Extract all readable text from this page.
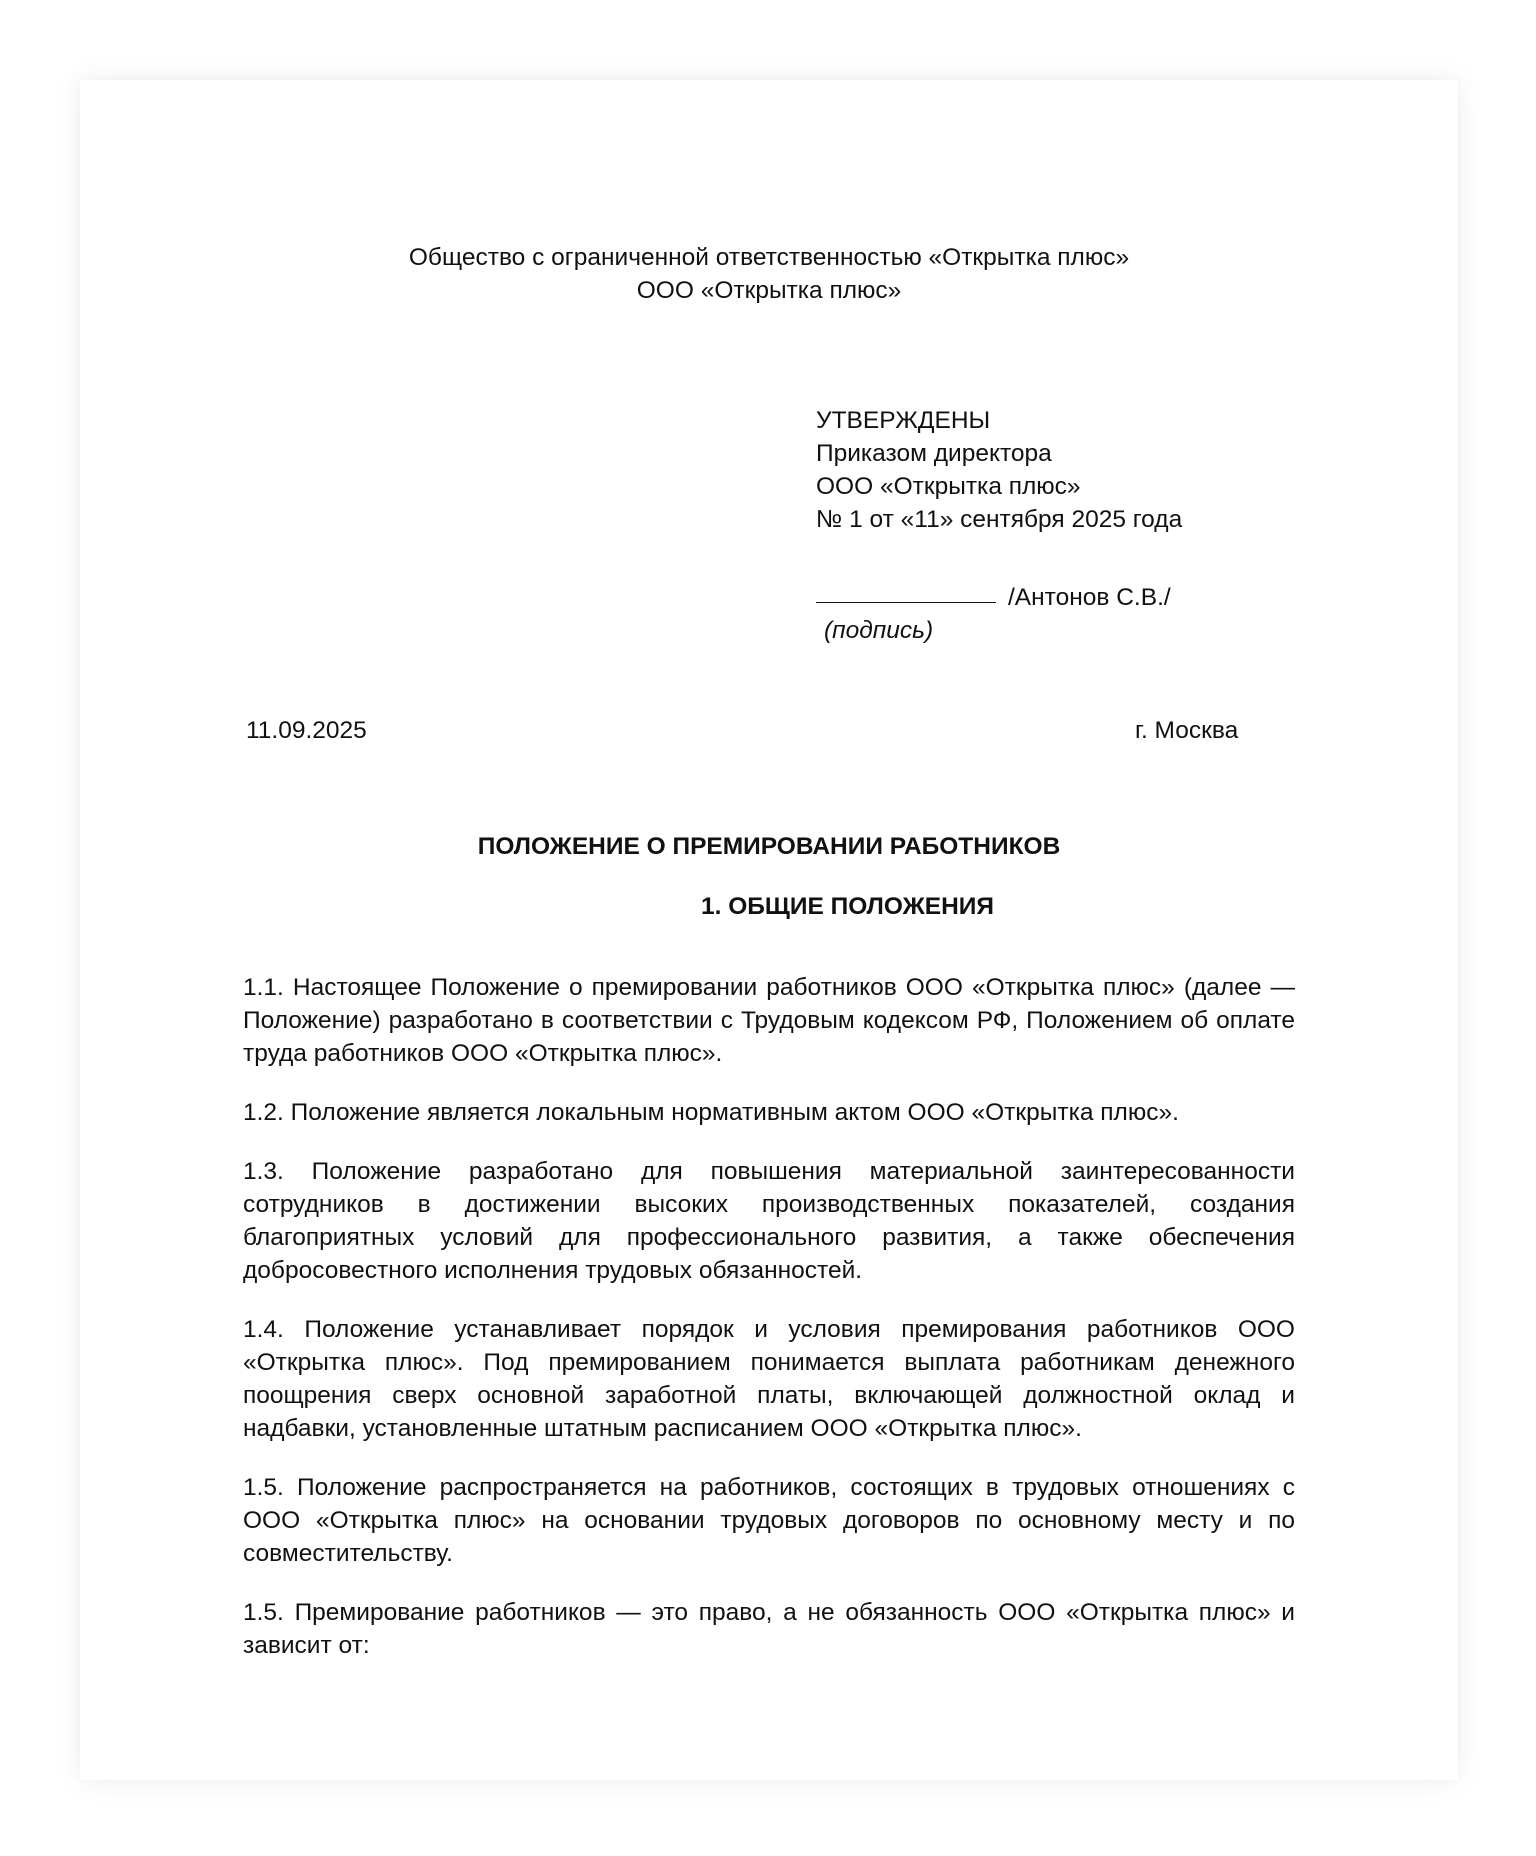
Общество с ограниченной ответственностью «Открытка плюс»
ООО «Открытка плюс»
УТВЕРЖДЕНЫ
Приказом директора
ООО «Открытка плюс»
№ 1 от «11» сентября 2025 года
/Антонов С.В./
(подпись)
11.09.2025	г. Москва
ПОЛОЖЕНИЕ О ПРЕМИРОВАНИИ РАБОТНИКОВ
1. ОБЩИЕ ПОЛОЖЕНИЯ
1.1. Настоящее Положение о премировании работников ООО «Открытка плюс» (далее — Положение) разработано в соответствии с Трудовым кодексом РФ, Положением об оплате труда работников ООО «Открытка плюс».
1.2. Положение является локальным нормативным актом ООО «Открытка плюс».
1.3. Положение разработано для повышения материальной заинтересованности сотрудников в достижении высоких производственных показателей, создания благоприятных условий для профессионального развития, а также обеспечения добросовестного исполнения трудовых обязанностей.
1.4. Положение устанавливает порядок и условия премирования работников ООО «Открытка плюс». Под премированием понимается выплата работникам денежного поощрения сверх основной заработной платы, включающей должностной оклад и надбавки, установленные штатным расписанием ООО «Открытка плюс».
1.5. Положение распространяется на работников, состоящих в трудовых отношениях с ООО «Открытка плюс» на основании трудовых договоров по основному месту и по совместительству.
1.5. Премирование работников — это право, а не обязанность ООО «Открытка плюс» и зависит от:
